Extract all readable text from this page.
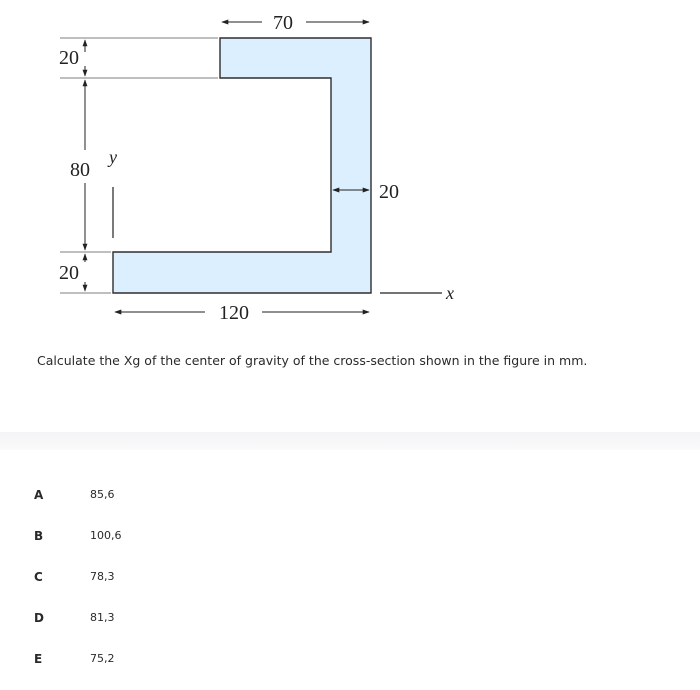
20
80
20
70
20
120
y
x

Calculate the Xg of the center of gravity of the cross-section shown in the figure in mm.

A	85,6
B	100,6
C	78,3
D	81,3
E	75,2
